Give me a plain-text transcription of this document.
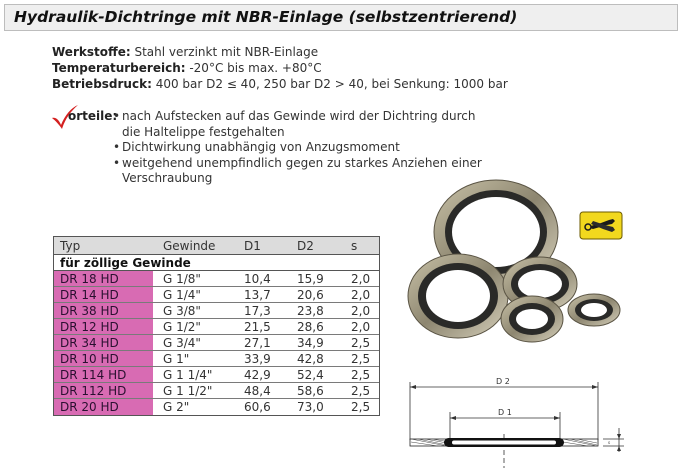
Hydraulik-Dichtringe mit NBR-Einlage (selbstzentrierend)
Werkstoffe: Stahl verzinkt mit NBR-Einlage
Temperaturbereich: -20°C bis max. +80°C
Betriebsdruck: 400 bar D2 ≤ 40, 250 bar D2 > 40, bei Senkung: 1000 bar
orteile:
• nach Aufstecken auf das Gewinde wird der Dichtring durch die Haltelippe festgehalten
• Dichtwirkung unabhängig von Anzugsmoment
• weitgehend unempfindlich gegen zu starkes Anziehen einer Verschraubung
Typ	Gewinde	D1	D2	s
für zöllige Gewinde
DR 18 HD	G 1/8"	10,4	15,9	2,0
DR 14 HD	G 1/4"	13,7	20,6	2,0
DR 38 HD	G 3/8"	17,3	23,8	2,0
DR 12 HD	G 1/2"	21,5	28,6	2,0
DR 34 HD	G 3/4"	27,1	34,9	2,5
DR 10 HD	G 1"	33,9	42,8	2,5
DR 114 HD	G 1 1/4"	42,9	52,4	2,5
DR 112 HD	G 1 1/2"	48,4	58,6	2,5
DR 20 HD	G 2"	60,6	73,0	2,5
D 2
D 1
s
